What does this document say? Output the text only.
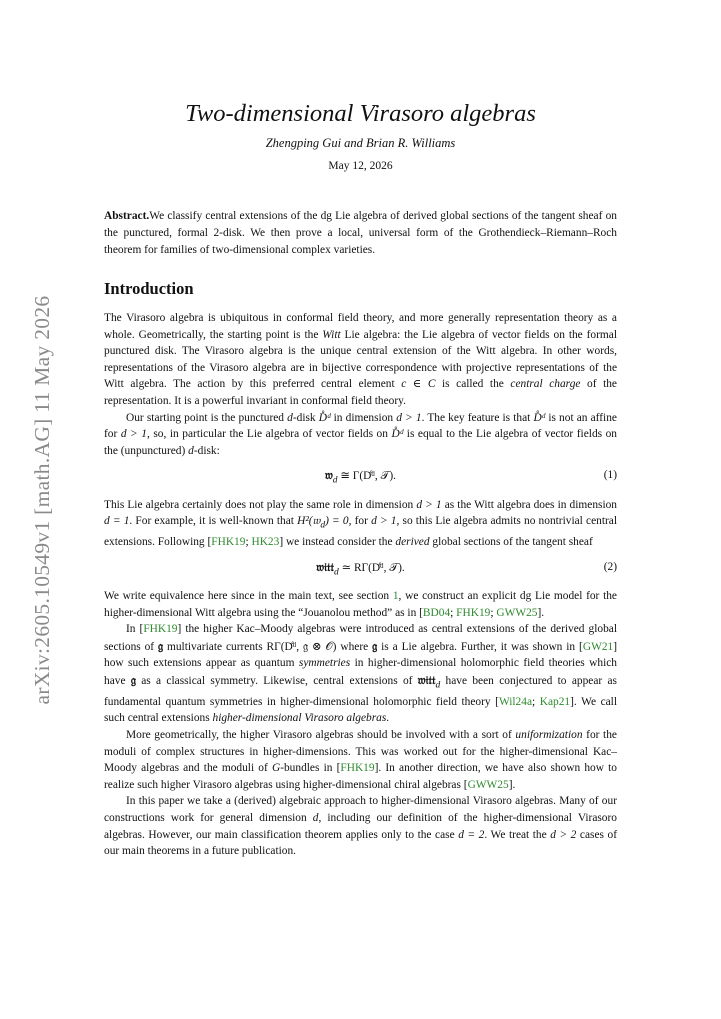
arXiv:2605.10549v1 [math.AG] 11 May 2026
Two-dimensional Virasoro algebras
Zhengping Gui and Brian R. Williams
May 12, 2026
Abstract.We classify central extensions of the dg Lie algebra of derived global sections of the tangent sheaf on the punctured, formal 2-disk. We then prove a local, universal form of the Grothendieck–Riemann–Roch theorem for families of two-dimensional complex varieties.
Introduction

The Virasoro algebra is ubiquitous in conformal field theory, and more generally representation theory as a whole. Geometrically, the starting point is the Witt Lie algebra: the Lie algebra of vector fields on the formal punctured disk. The Virasoro algebra is the unique central extension of the Witt algebra. In other words, representations of the Virasoro algebra are in bijective correspondence with projective representations of the Witt algebra. The action by this preferred central element c ∈ C is called the central charge of the representation. It is a powerful invariant in conformal field theory.

Our starting point is the punctured d-disk D̊ᵈ in dimension d > 1. The key feature is that D̊ᵈ is not an affine for d > 1, so, in particular the Lie algebra of vector fields on D̊ᵈ is equal to the Lie algebra of vector fields on the (unpunctured) d-disk:

𝔴$_d$ ≅ Γ(D̊ᵈ, 𝒯).	(1)

This Lie algebra certainly does not play the same role in dimension d > 1 as the Witt algebra does in dimension d = 1. For example, it is well-known that H²(𝔴$_d$) = 0, for d > 1, so this Lie algebra admits no nontrivial central extensions. Following [FHK19; HK23] we instead consider the derived global sections of the tangent sheaf

𝔴𝔦𝔱𝔱$_d$ ≃ RΓ(D̊ᵈ, 𝒯).	(2)

We write equivalence here since in the main text, see section 1, we construct an explicit dg Lie model for the higher-dimensional Witt algebra using the “Jouanolou method” as in [BD04; FHK19; GWW25].

In [FHK19] the higher Kac–Moody algebras were introduced as central extensions of the derived global sections of 𝔤 multivariate currents RΓ(D̊ᵈ, 𝔤 ⊗ 𝒪) where 𝔤 is a Lie algebra. Further, it was shown in [GW21] how such extensions appear as quantum symmetries in higher-dimensional holomorphic field theories which have 𝔤 as a classical symmetry. Likewise, central extensions of 𝔴𝔦𝔱𝔱$_d$ have been conjectured to appear as fundamental quantum symmetries in higher-dimensional holomorphic field theory [Wil24a; Kap21]. We call such central extensions higher-dimensional Virasoro algebras.

More geometrically, the higher Virasoro algebras should be involved with a sort of uniformization for the moduli of complex structures in higher-dimensions. This was worked out for the higher-dimensional Kac–Moody algebras and the moduli of G-bundles in [FHK19]. In another direction, we have also shown how to realize such higher Virasoro algebras using higher-dimensional chiral algebras [GWW25].

In this paper we take a (derived) algebraic approach to higher-dimensional Virasoro algebras. Many of our constructions work for general dimension d, including our definition of the higher-dimensional Virasoro algebras. However, our main classification theorem applies only to the case d = 2. We treat the d > 2 cases of our main theorems in a future publication.
